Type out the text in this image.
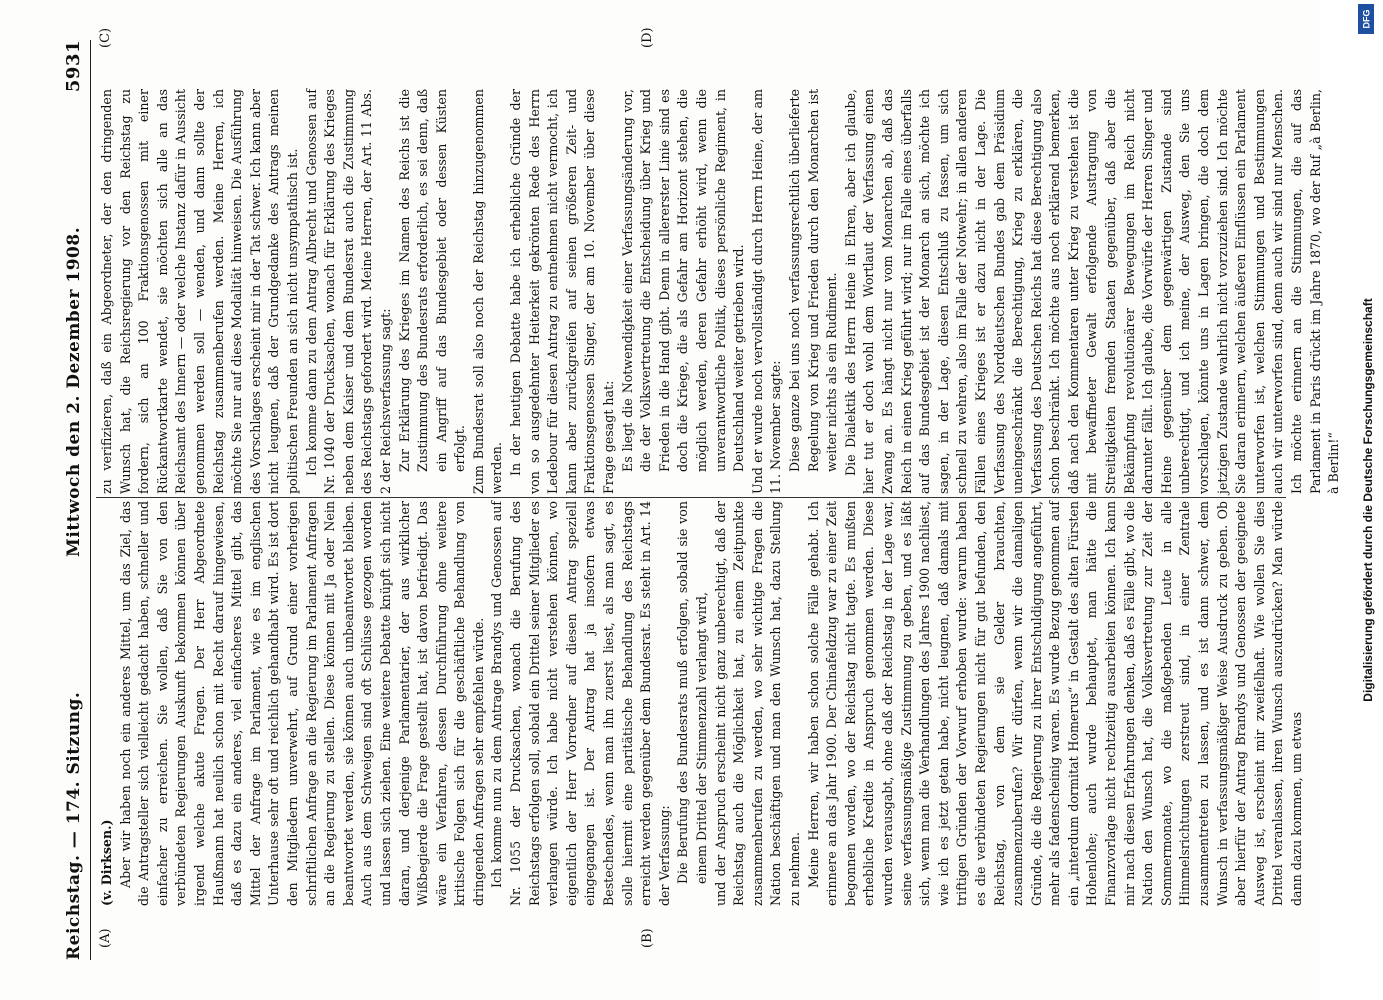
Reichstag. — 174. Sitzung.
Mittwoch den 2. Dezember 1908.
5931
(A)	(B)
(C)	(D)

(v. Dirksen.) Aber wir haben noch ein anderes Mittel, um das Ziel, das die Antragsteller sich vielleicht gedacht haben, schneller und einfacher zu erreichen. Sie wollen, daß Sie von den verbündeten Regierungen Auskunft bekommen können über irgend welche akute Fragen. Der Herr Abgeordnete Haußmann hat neulich schon mit Recht darauf hingewiesen, daß es dazu ein anderes, viel einfacheres Mittel gibt, das Mittel der Anfrage im Parlament, wie es im englischen Unterhause sehr oft und reichlich gehandhabt wird. Es ist dort den Mitgliedern unverwehrt, auf Grund einer vorherigen schriftlichen Anfrage an die Regierung im Parlament Anfragen an die Regierung zu stellen. Diese können mit Ja oder Nein beantwortet werden, sie können auch unbeantwortet bleiben. Auch aus dem Schweigen sind oft Schlüsse gezogen worden und lassen sich ziehen. Eine weitere Debatte knüpft sich nicht daran, und derjenige Parlamentarier, der aus wirklicher Wißbegierde die Frage gestellt hat, ist davon befriedigt. Das wäre ein Verfahren, dessen Durchführung ohne weitere kritische Folgen sich für die geschäftliche Behandlung von dringenden Anfragen sehr empfehlen würde. Ich komme nun zu dem Antrage Brandys und Genossen auf Nr. 1055 der Drucksachen, wonach die Berufung des Reichstags erfolgen soll, sobald ein Drittel seiner Mitglieder es verlangen würde. Ich habe nicht verstehen können, wo eigentlich der Herr Vorredner auf diesen Antrag speziell eingegangen ist. Der Antrag hat ja insofern etwas Bestechendes, wenn man ihn zuerst liest, als man sagt, es solle hiermit eine paritätische Behandlung des Reichstags erreicht werden gegenüber dem Bundesrat. Es steht in Art. 14 der Verfassung: Die Berufung des Bundesrats muß erfolgen, sobald sie von einem Drittel der Stimmenzahl verlangt wird, und der Anspruch erscheint nicht ganz unberechtigt, daß der Reichstag auch die Möglichkeit hat, zu einem Zeitpunkte zusammenberufen zu werden, wo sehr wichtige Fragen die Nation beschäftigen und man den Wunsch hat, dazu Stellung zu nehmen. Meine Herren, wir haben schon solche Fälle gehabt. Ich erinnere an das Jahr 1900. Der Chinafeldzug war zu einer Zeit begonnen worden, wo der Reichstag nicht tagte. Es mußten erhebliche Kredite in Anspruch genommen werden. Diese wurden verausgabt, ohne daß der Reichstag in der Lage war, seine verfassungsmäßige Zustimmung zu geben, und es läßt sich, wenn man die Verhandlungen des Jahres 1900 nachliest, wie ich es jetzt getan habe, nicht leugnen, daß damals mit triftigen Gründen der Vorwurf erhoben wurde: warum haben es die verbündeten Regierungen nicht für gut befunden, den Reichstag, von dem sie Gelder brauchten, zusammenzuberufen? Wir dürfen, wenn wir die damaligen Gründe, die die Regierung zu ihrer Entschuldigung angeführt, mehr als fadenscheinig waren. Es wurde Bezug genommen auf ein „interdum dormitat Homerus“ in Gestalt des alten Fürsten Hohenlohe; auch wurde behauptet, man hätte die Finanzvorlage nicht rechtzeitig ausarbeiten können. Ich kann mir nach diesen Erfahrungen denken, daß es Fälle gibt, wo die Nation den Wunsch hat, die Volksvertretung zur Zeit der Sommermonate, wo die maßgebenden Leute in alle Himmelsrichtungen zerstreut sind, in einer Zentrale zusammentreten zu lassen, und es ist dann schwer, dem Wunsch in verfassungsmäßiger Weise Ausdruck zu geben. Ob aber hierfür der Antrag Brandys und Genossen der geeignete Ausweg ist, erscheint mir zweifelhaft. Wie wollen Sie dies Drittel veranlassen, ihren Wunsch auszudrücken? Man würde dann dazu kommen, um etwas

zu verifizieren, daß ein Abgeordneter, der den dringenden Wunsch hat, die Reichsregierung vor den Reichstag zu fordern, sich an 100 Fraktionsgenossen mit einer Rückantwortkarte wendet, sie möchten sich alle an das Reichsamt des Innern — oder welche Instanz dafür in Aussicht genommen werden soll — wenden, und dann sollte der Reichstag zusammenberufen werden. Meine Herren, ich möchte Sie nur auf diese Modalität hinweisen. Die Ausführung des Vorschlages erscheint mir in der Tat schwer. Ich kann aber nicht leugnen, daß der Grundgedanke des Antrags meinen politischen Freunden an sich nicht unsympathisch ist. Ich komme dann zu dem Antrag Albrecht und Genossen auf Nr. 1040 der Drucksachen, wonach für Erklärung des Krieges neben dem Kaiser und dem Bundesrat auch die Zustimmung des Reichstags gefordert wird. Meine Herren, der Art. 11 Abs. 2 der Reichsverfassung sagt: Zur Erklärung des Krieges im Namen des Reichs ist die Zustimmung des Bundesrats erforderlich, es sei denn, daß ein Angriff auf das Bundesgebiet oder dessen Küsten erfolgt. Zum Bundesrat soll also noch der Reichstag hinzugenommen werden. In der heutigen Debatte habe ich erhebliche Gründe der von so ausgedehnter Heiterkeit gekrönten Rede des Herrn Ledebour für diesen Antrag zu entnehmen nicht vermocht, ich kann aber zurückgreifen auf seinen größeren Zeit- und Fraktionsgenossen Singer, der am 10. November über diese Frage gesagt hat: Es liegt die Notwendigkeit einer Verfassungsänderung vor, die der Volksvertretung die Entscheidung über Krieg und Frieden in die Hand gibt. Denn in allererster Linie sind es doch die Kriege, die als Gefahr am Horizont stehen, die möglich werden, deren Gefahr erhöht wird, wenn die unverantwortliche Politik, dieses persönliche Regiment, in Deutschland weiter getrieben wird. Und er wurde noch vervollständigt durch Herrn Heine, der am 11. November sagte: Diese ganze bei uns noch verfassungsrechtlich überlieferte Regelung von Krieg und Frieden durch den Monarchen ist weiter nichts als ein Rudiment. Die Dialektik des Herrn Heine in Ehren, aber ich glaube, hier tut er doch wohl dem Wortlaut der Verfassung einen Zwang an. Es hängt nicht nur vom Monarchen ab, daß das Reich in einen Krieg geführt wird; nur im Falle eines überfalls auf das Bundesgebiet ist der Monarch an sich, möchte ich sagen, in der Lage, diesen Entschluß zu fassen, um sich schnell zu wehren, also im Falle der Notwehr; in allen anderen Fällen eines Krieges ist er dazu nicht in der Lage. Die Verfassung des Norddeutschen Bundes gab dem Präsidium uneingeschränkt die Berechtigung, Krieg zu erklären, die Verfassung des Deutschen Reichs hat diese Berechtigung also schon beschränkt. Ich möchte aus noch erklärend bemerken, daß nach den Kommentaren unter Krieg zu verstehen ist die mit bewaffneter Gewalt erfolgende Austragung von Streitigkeiten fremden Staaten gegenüber, daß aber die Bekämpfung revolutionärer Bewegungen im Reich nicht darunter fällt. Ich glaube, die Vorwürfe der Herren Singer und Heine gegenüber dem gegenwärtigen Zustande sind unberechtigt, und ich meine, der Ausweg, den Sie uns vorschlagen, könnte uns in Lagen bringen, die doch dem jetzigen Zustande wahrlich nicht vorzuziehen sind. Ich möchte Sie daran erinnern, welchen äußeren Einflüssen ein Parlament unterworfen ist, welchen Stimmungen und Bestimmungen auch wir unterworfen sind, denn auch wir sind nur Menschen. Ich möchte erinnern an die Stimmungen, die auf das Parlament in Paris drückt im Jahre 1870, wo der Ruf „à Berlin, à Berlin!“

DFG
Digitalisierung gefördert durch die Deutsche Forschungsgemeinschaft
